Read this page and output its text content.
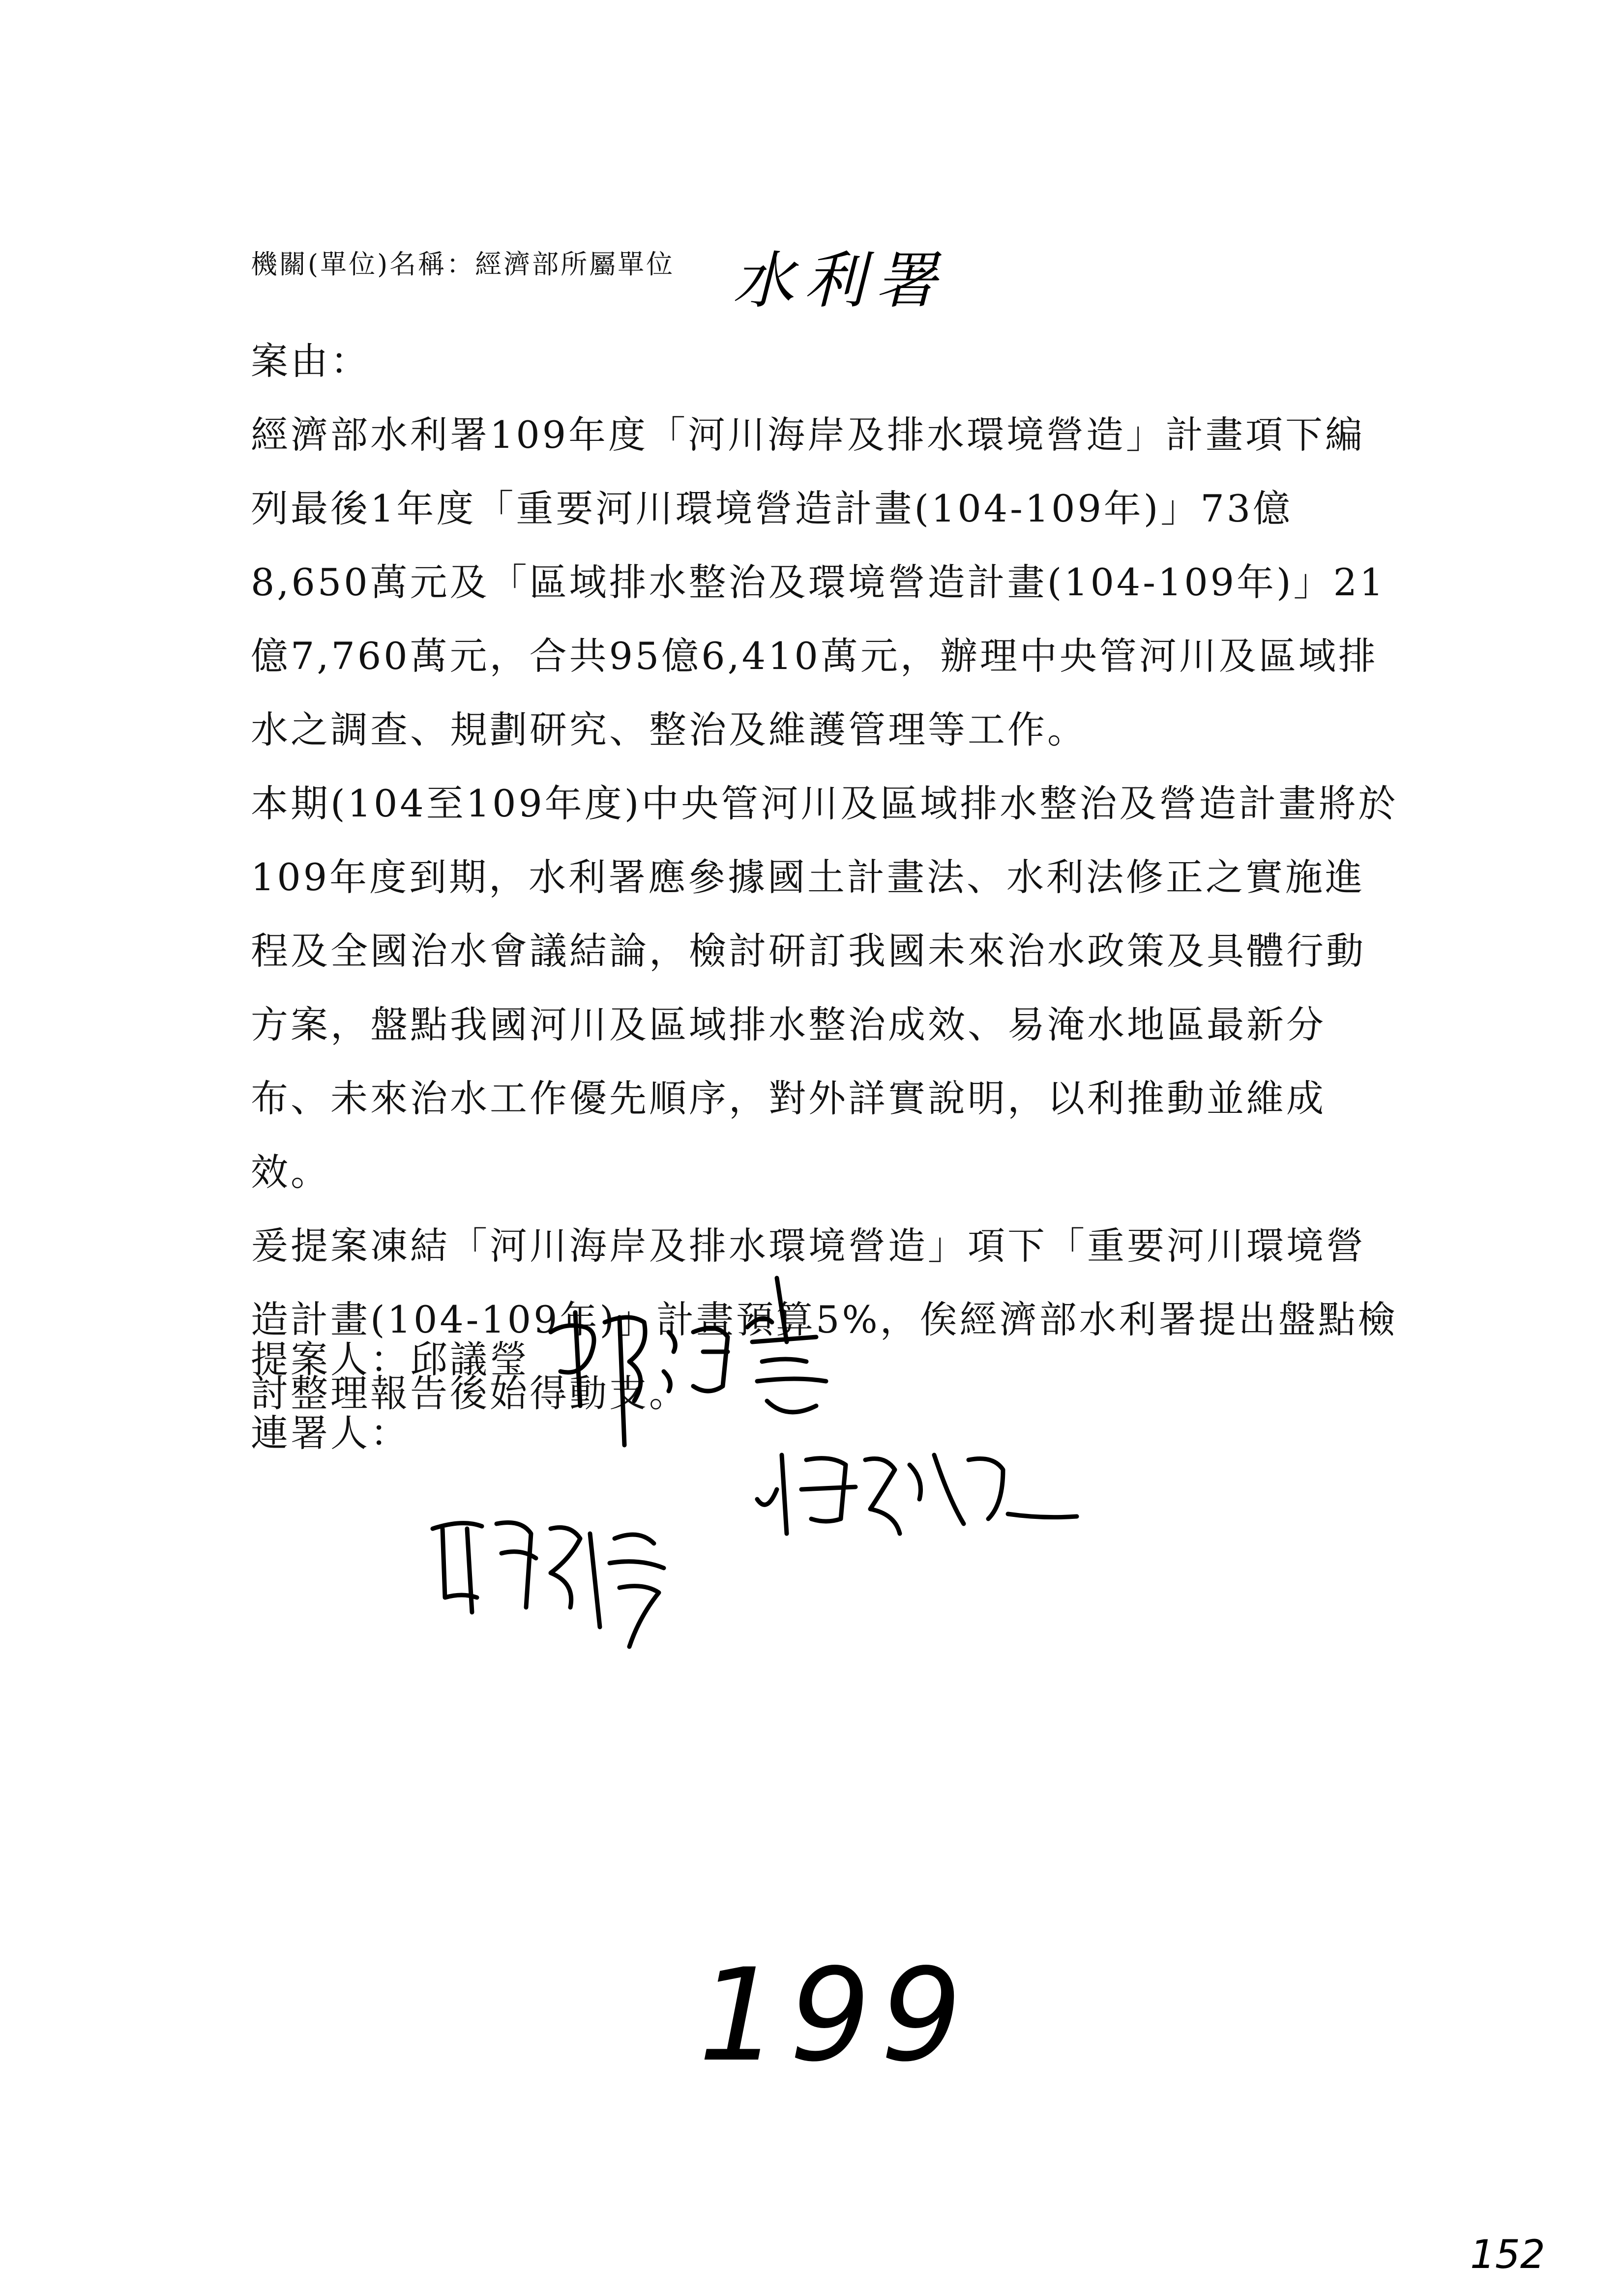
機關(單位)名稱：經濟部所屬單位 水利署

案由：

經濟部水利署109年度「河川海岸及排水環境營造」計畫項下編列最後1年度「重要河川環境營造計畫(104-109年)」73億8,650萬元及「區域排水整治及環境營造計畫(104-109年)」21億7,760萬元，合共95億6,410萬元，辦理中央管河川及區域排水之調查、規劃研究、整治及維護管理等工作。

本期(104至109年度)中央管河川及區域排水整治及營造計畫將於109年度到期，水利署應參據國土計畫法、水利法修正之實施進程及全國治水會議結論，檢討研訂我國未來治水政策及具體行動方案，盤點我國河川及區域排水整治成效、易淹水地區最新分布、未來治水工作優先順序，對外詳實說明，以利推動並維成效。

爰提案凍結「河川海岸及排水環境營造」項下「重要河川環境營造計畫(104-109年)」計畫預算5%，俟經濟部水利署提出盤點檢討整理報告後始得動支。

提案人：邱議瑩
連署人：
199
152
